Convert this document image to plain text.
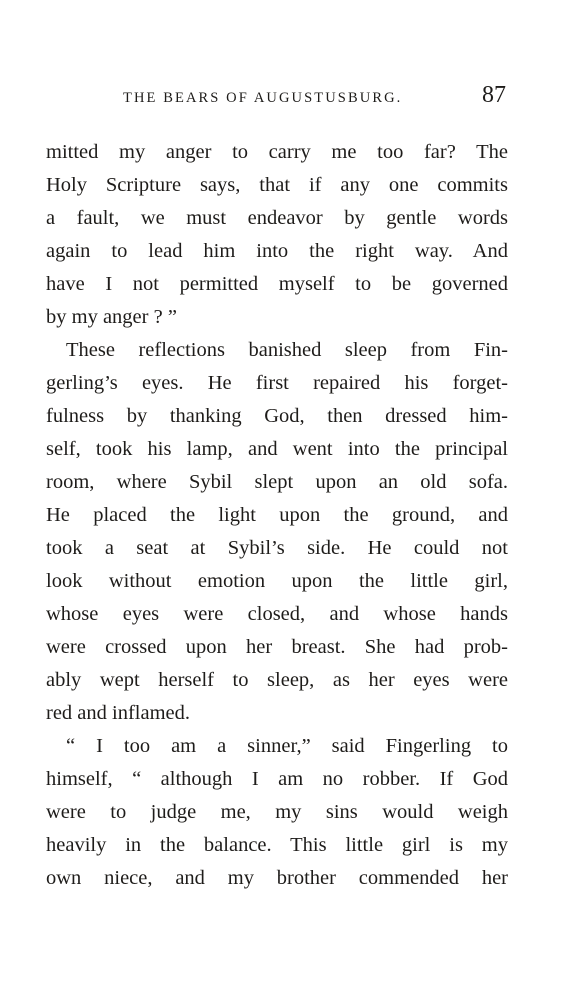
THE BEARS OF AUGUSTUSBURG.	87
mitted my anger to carry me too far? The
Holy Scripture says, that if any one commits
a fault, we must endeavor by gentle words
again to lead him into the right way. And
have I not permitted myself to be governed
by my anger ? ”
These reflections banished sleep from Fin-
gerling’s eyes. He first repaired his forget-
fulness by thanking God, then dressed him-
self, took his lamp, and went into the principal
room, where Sybil slept upon an old sofa.
He placed the light upon the ground, and
took a seat at Sybil’s side. He could not
look without emotion upon the little girl,
whose eyes were closed, and whose hands
were crossed upon her breast. She had prob-
ably wept herself to sleep, as her eyes were
red and inflamed.
“ I too am a sinner,” said Fingerling to
himself, “ although I am no robber. If God
were to judge me, my sins would weigh
heavily in the balance. This little girl is my
own niece, and my brother commended her
